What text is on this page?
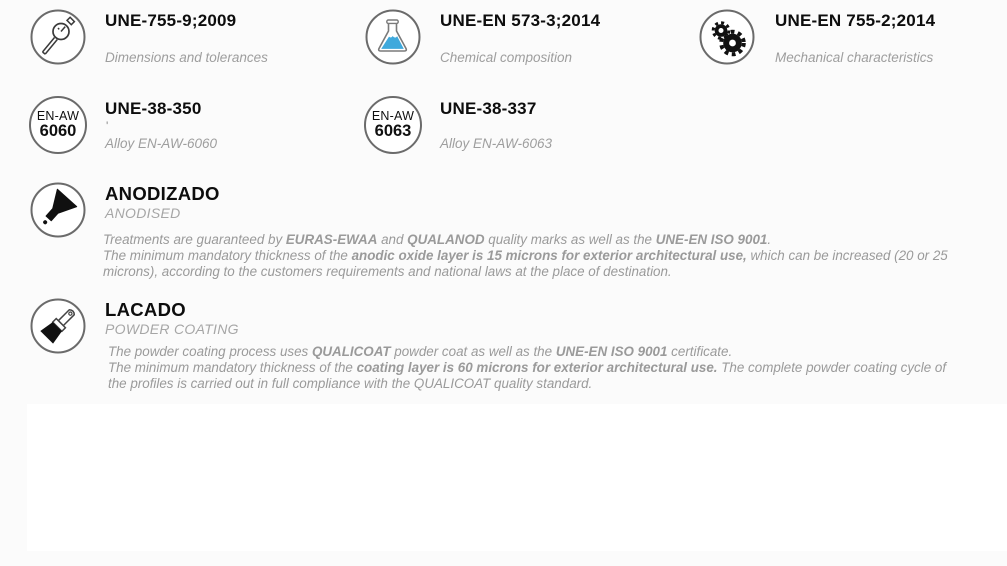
UNE-755-9;2009
Dimensions and tolerances
UNE-EN 573-3;2014
Chemical composition
UNE-EN 755-2;2014
Mechanical characteristics
EN-AW
6060
UNE-38-350
'
Alloy EN-AW-6060
EN-AW
6063
UNE-38-337
Alloy EN-AW-6063
ANODIZADO
ANODISED
Treatments are guaranteed by EURAS-EWAA and QUALANOD quality marks as well as the UNE-EN ISO 9001.
The minimum mandatory thickness of the anodic oxide layer is 15 microns for exterior architectural use, which can be increased (20 or 25
microns), according to the customers requirements and national laws at the place of destination.
LACADO
POWDER COATING
The powder coating process uses QUALICOAT powder coat as well as the UNE-EN ISO 9001 certificate.
The minimum mandatory thickness of the coating layer is 60 microns for exterior architectural use. The complete powder coating cycle of
the profiles is carried out in full compliance with the QUALICOAT quality standard.
